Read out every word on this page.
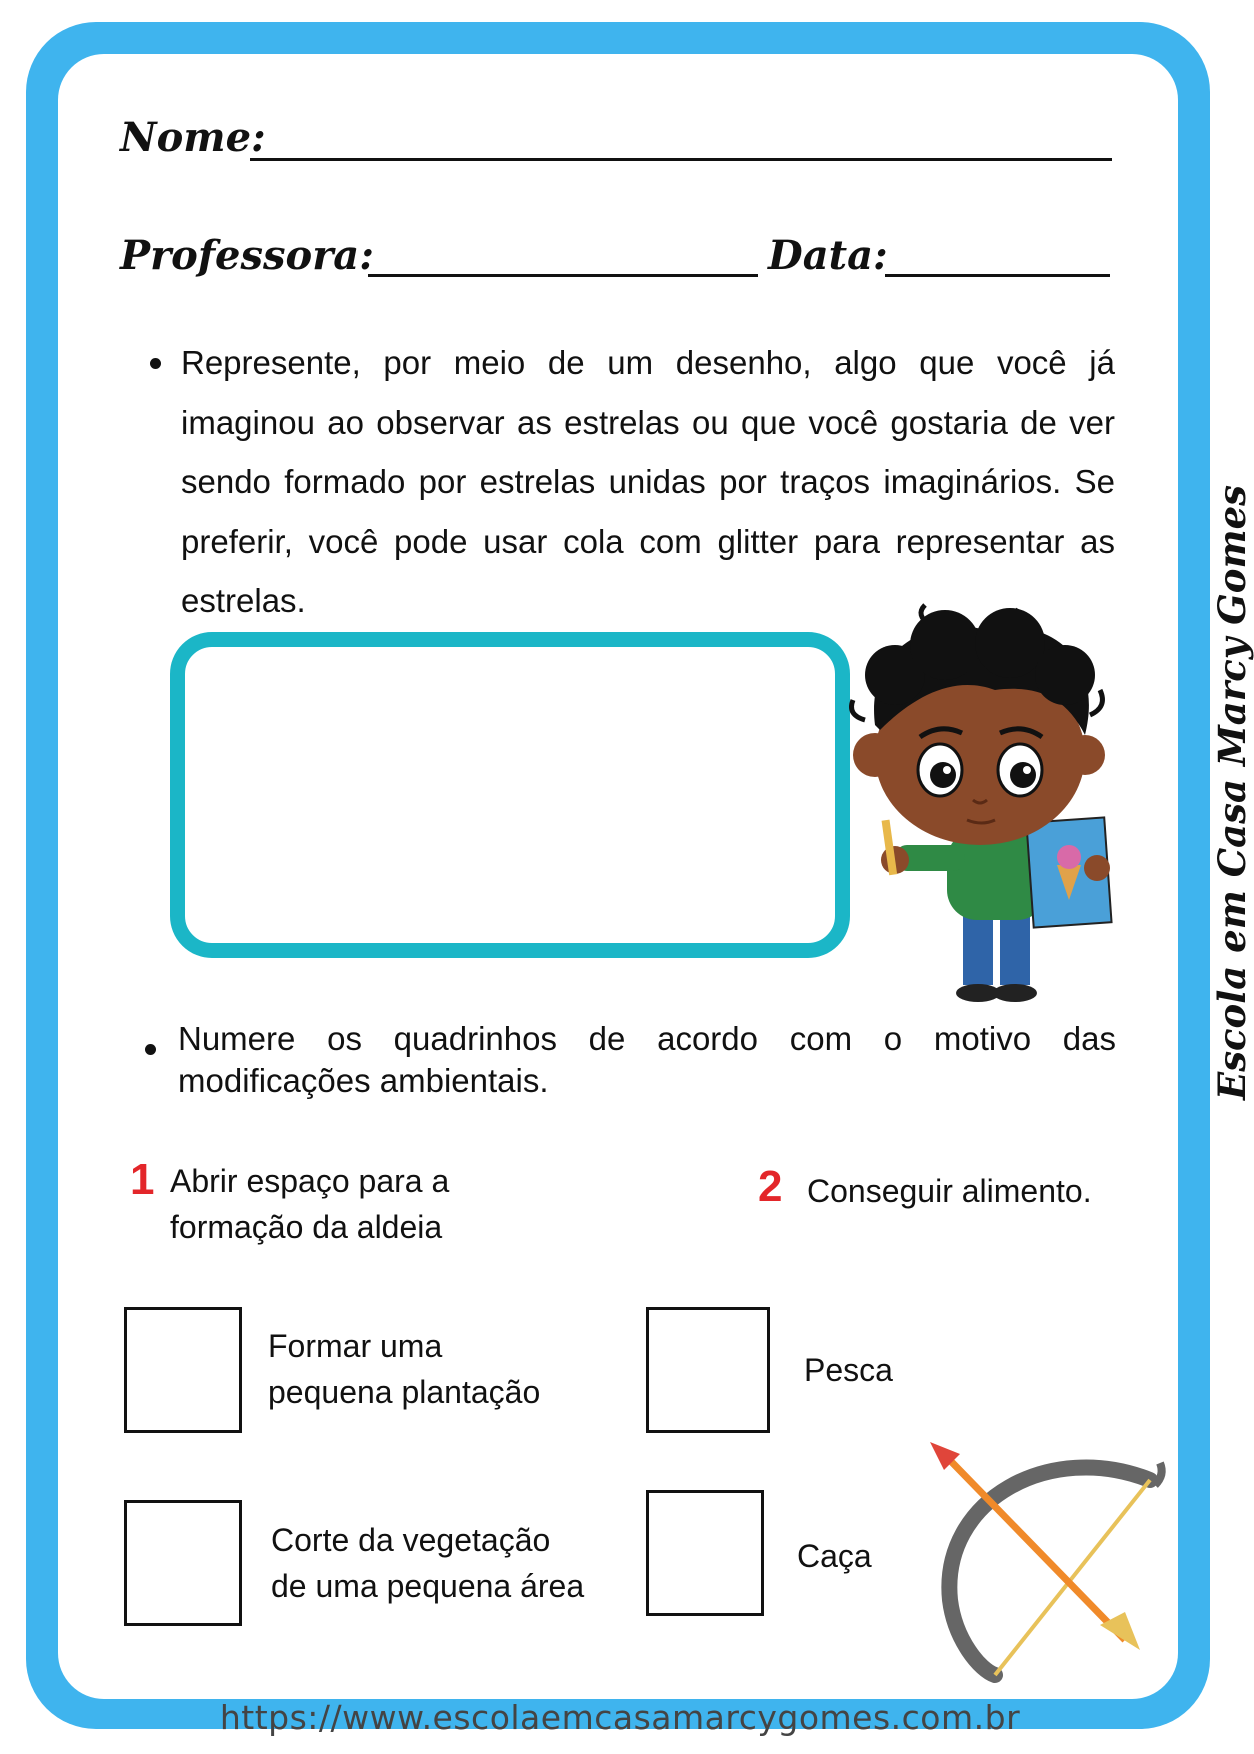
Nome:
Professora:	Data:
Represente, por meio de um desenho, algo que você já imaginou ao observar as estrelas ou que você gostaria de ver sendo formado por estrelas unidas por traços imaginários. Se preferir, você pode usar cola com glitter para representar as estrelas.
Numere os quadrinhos de acordo com o motivo das modificações ambientais.
1 Abrir espaço para a
formação da aldeia
2 Conseguir alimento.
Formar uma
pequena plantação
Pesca
Corte da vegetação
de uma pequena área
Caça
Escola em Casa Marcy Gomes
https://www.escolaemcasamarcygomes.com.br
